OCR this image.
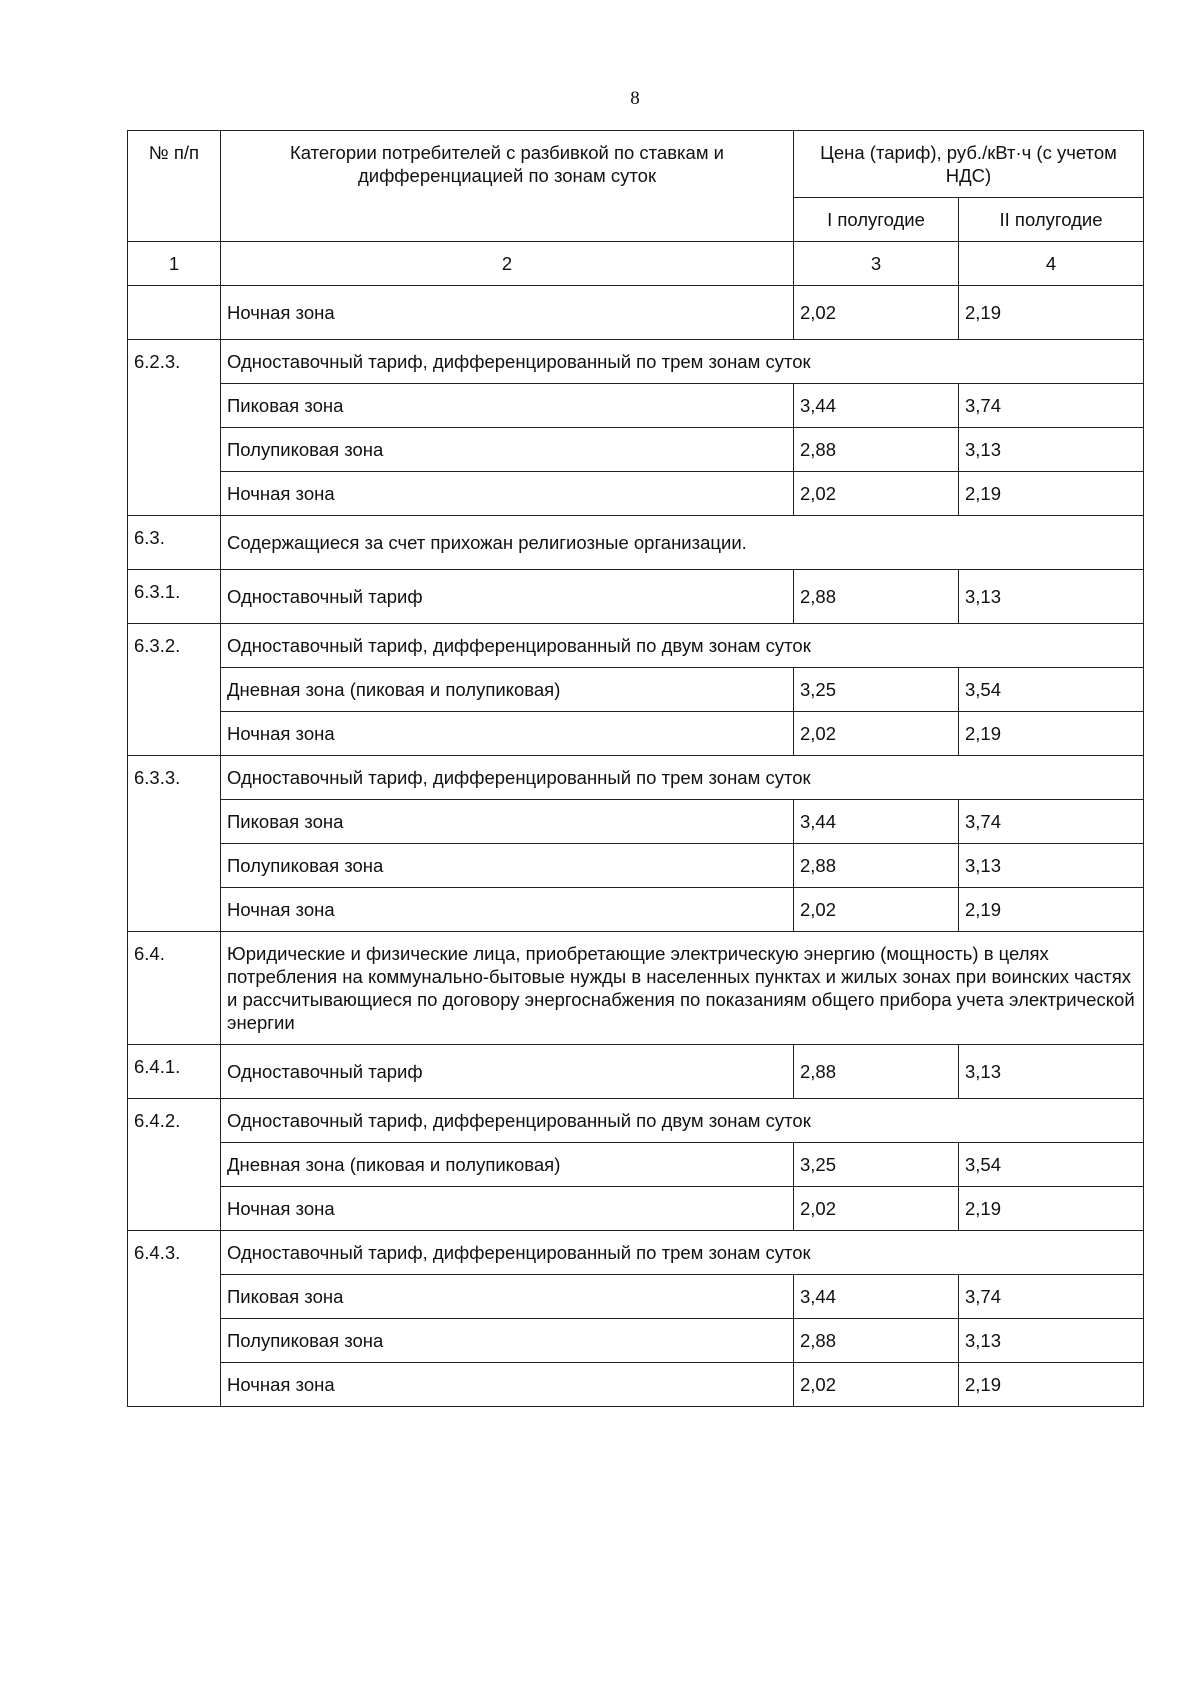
8
№ п/п	Категории потребителей с разбивкой по ставкам и дифференциацией по зонам суток	Цена (тариф), руб./кВт·ч (с учетом НДС)	
		I полугодие	II полугодие
1	2	3	4
	Ночная зона	2,02	2,19
6.2.3.	Одноставочный тариф, дифференцированный по трем зонам суток		
	Пиковая зона	3,44	3,74
	Полупиковая зона	2,88	3,13
	Ночная зона	2,02	2,19
6.3.	Содержащиеся за счет прихожан религиозные организации.		
6.3.1.	Одноставочный тариф	2,88	3,13
6.3.2.	Одноставочный тариф, дифференцированный по двум зонам суток		
	Дневная зона (пиковая и полупиковая)	3,25	3,54
	Ночная зона	2,02	2,19
6.3.3.	Одноставочный тариф, дифференцированный по трем зонам суток		
	Пиковая зона	3,44	3,74
	Полупиковая зона	2,88	3,13
	Ночная зона	2,02	2,19
6.4.	Юридические и физические лица, приобретающие электрическую энергию (мощность) в целях потребления на коммунально-бытовые нужды в населенных пунктах и жилых зонах при воинских частях и рассчитывающиеся по договору энергоснабжения по показаниям общего прибора учета электрической энергии		
6.4.1.	Одноставочный тариф	2,88	3,13
6.4.2.	Одноставочный тариф, дифференцированный по двум зонам суток		
	Дневная зона (пиковая и полупиковая)	3,25	3,54
	Ночная зона	2,02	2,19
6.4.3.	Одноставочный тариф, дифференцированный по трем зонам суток		
	Пиковая зона	3,44	3,74
	Полупиковая зона	2,88	3,13
	Ночная зона	2,02	2,19
